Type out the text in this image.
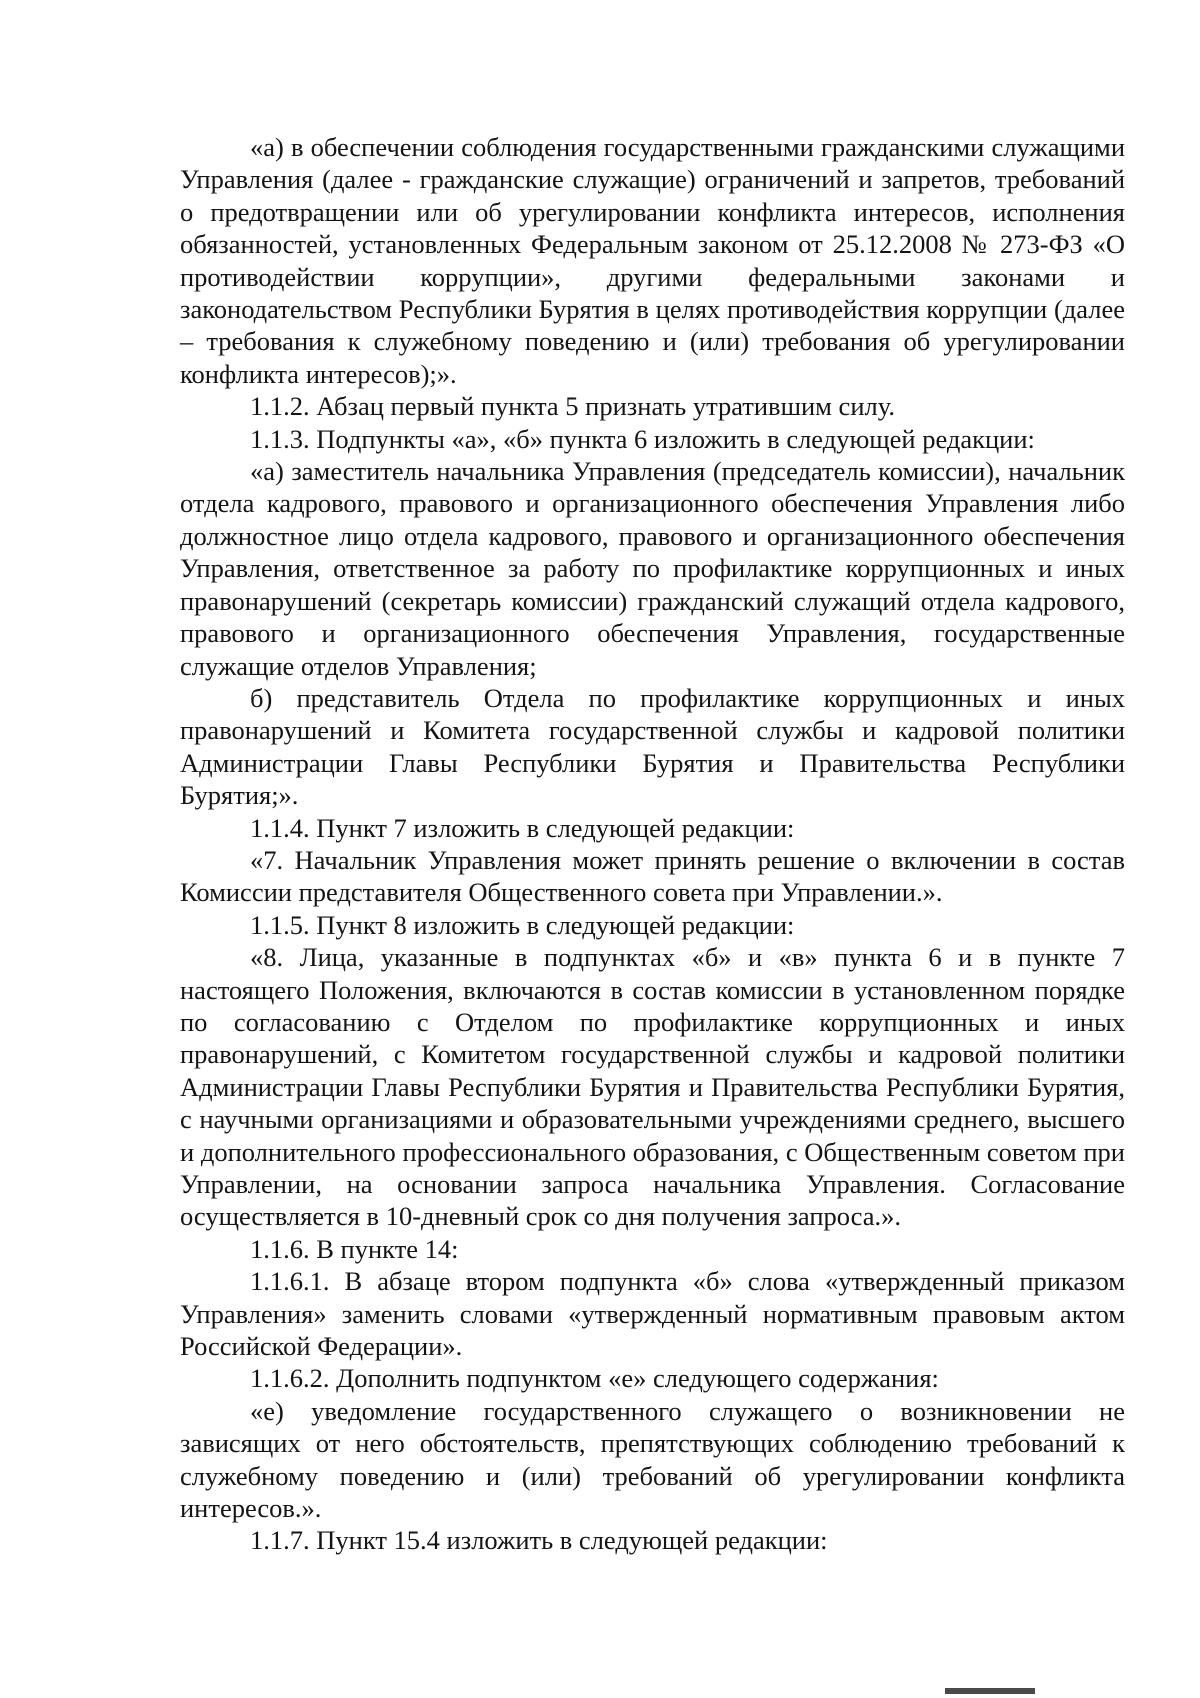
«а) в обеспечении соблюдения государственными гражданскими служащими Управления (далее - гражданские служащие) ограничений и запретов, требований о предотвращении или об урегулировании конфликта интересов, исполнения обязанностей, установленных Федеральным законом от 25.12.2008 № 273-ФЗ «О противодействии коррупции», другими федеральными законами и законодательством Республики Бурятия в целях противодействия коррупции (далее – требования к служебному поведению и (или) требования об урегулировании конфликта интересов);».

1.1.2. Абзац первый пункта 5 признать утратившим силу.

1.1.3. Подпункты «а», «б» пункта 6 изложить в следующей редакции:

«а) заместитель начальника Управления (председатель комиссии), начальник отдела кадрового, правового и организационного обеспечения Управления либо должностное лицо отдела кадрового, правового и организационного обеспечения Управления, ответственное за работу по профилактике коррупционных и иных правонарушений (секретарь комиссии) гражданский служащий отдела кадрового, правового и организационного обеспечения Управления, государственные служащие отделов Управления;

б) представитель Отдела по профилактике коррупционных и иных правонарушений и Комитета государственной службы и кадровой политики Администрации Главы Республики Бурятия и Правительства Республики Бурятия;».

1.1.4. Пункт 7 изложить в следующей редакции:

«7. Начальник Управления может принять решение о включении в состав Комиссии представителя Общественного совета при Управлении.».

1.1.5. Пункт 8 изложить в следующей редакции:

«8. Лица, указанные в подпунктах «б» и «в» пункта 6 и в пункте 7 настоящего Положения, включаются в состав комиссии в установленном порядке по согласованию с Отделом по профилактике коррупционных и иных правонарушений, с Комитетом государственной службы и кадровой политики Администрации Главы Республики Бурятия и Правительства Республики Бурятия, с научными организациями и образовательными учреждениями среднего, высшего и дополнительного профессионального образования, с Общественным советом при Управлении, на основании запроса начальника Управления. Согласование осуществляется в 10-дневный срок со дня получения запроса.».

1.1.6. В пункте 14:

1.1.6.1. В абзаце втором подпункта «б» слова «утвержденный приказом Управления» заменить словами «утвержденный нормативным правовым актом Российской Федерации».

1.1.6.2. Дополнить подпунктом «е» следующего содержания:

«е) уведомление государственного служащего о возникновении не зависящих от него обстоятельств, препятствующих соблюдению требований к служебному поведению и (или) требований об урегулировании конфликта интересов.».

1.1.7. Пункт 15.4 изложить в следующей редакции:
